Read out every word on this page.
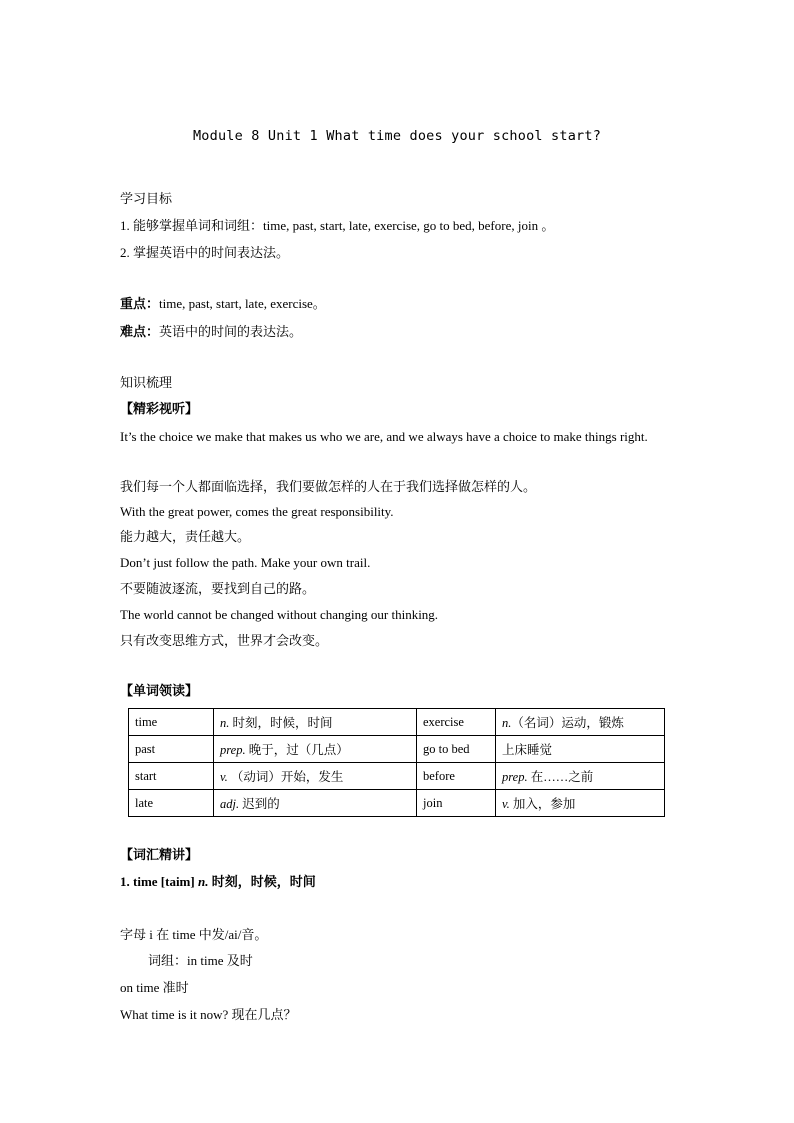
Module 8 Unit 1 What time does your school start?
学习目标
1. 能够掌握单词和词组：time, past, start, late, exercise, go to bed, before, join 。
2. 掌握英语中的时间表达法。
重点：time, past, start, late, exercise。
难点：英语中的时间的表达法。
知识梳理
【精彩视听】
It’s the choice we make that makes us who we are, and we always have a choice to make things right.
我们每一个人都面临选择，我们要做怎样的人在于我们选择做怎样的人。
With the great power, comes the great responsibility.
能力越大，责任越大。
Don’t just follow the path. Make your own trail.
不要随波逐流，要找到自己的路。
The world cannot be changed without changing our thinking.
只有改变思维方式，世界才会改变。
【单词领读】
time	n. 时刻，时候，时间	exercise	n.（名词）运动，锻炼
past	prep. 晚于，过（几点）	go to bed	上床睡觉
start	v. （动词）开始，发生	before	prep. 在……之前
late	adj. 迟到的	join	v. 加入，参加
【词汇精讲】
1. time [taim] n. 时刻，时候，时间
字母 i 在 time 中发/ai/音。
词组：in time 及时
on time 准时
What time is it now? 现在几点？
